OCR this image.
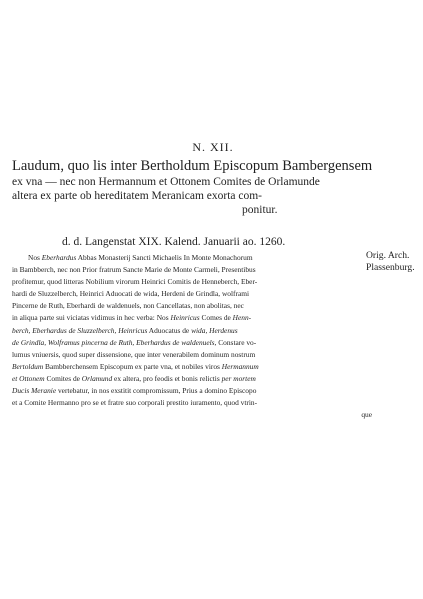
N. XII.
Laudum, quo lis inter Bertholdum Episcopum Bambergensem
ex vna — nec non Hermannum et Ottonem Comites de Orlamunde
altera ex parte ob hereditatem Meranicam exorta com-
ponitur.
d. d. Langenstat XIX. Kalend. Januarii ao. 1260.
Orig. Arch.
Plassenburg.
Nos Eberhardus Abbas Monasterij Sancti Michaelis In Monte Monachorum
in Bambberch, nec non Prior fratrum Sancte Marie de Monte Carmeli, Presentibus
profitemur, quod litteras Nobilium virorum Heinrici Comitis de Henneberch, Eber-
hardi de Sluzzelberch, Heinrici Aduocati de wida, Herdeni de Grindla, wolframi
Pincerne de Ruth, Eberhardi de waldenuels, non Cancellatas, non abolitas, nec
in aliqua parte sui viciatas vidimus in hec verba: Nos Heinricus Comes de Henn-
berch, Eberhardus de Sluzzelberch, Heinricus Aduocatus de wida, Herdenus
de Grindla, Wolframus pincerna de Ruth, Eberhardus de waldenuels, Constare vo-
lumus vniuersis, quod super dissensione, que inter venerabilem dominum nostrum
Bertoldum Bambberchensem Episcopum ex parte vna, et nobiles viros Hermannum
et Ottonem Comites de Orlamund ex altera, pro feodis et bonis relictis per mortem
Ducis Meranie vertebatur, in nos exstitit compromissum, Prius a domino Episcopo
et a Comite Hermanno pro se et fratre suo corporali prestito iuramento, quod vtrin-
que
